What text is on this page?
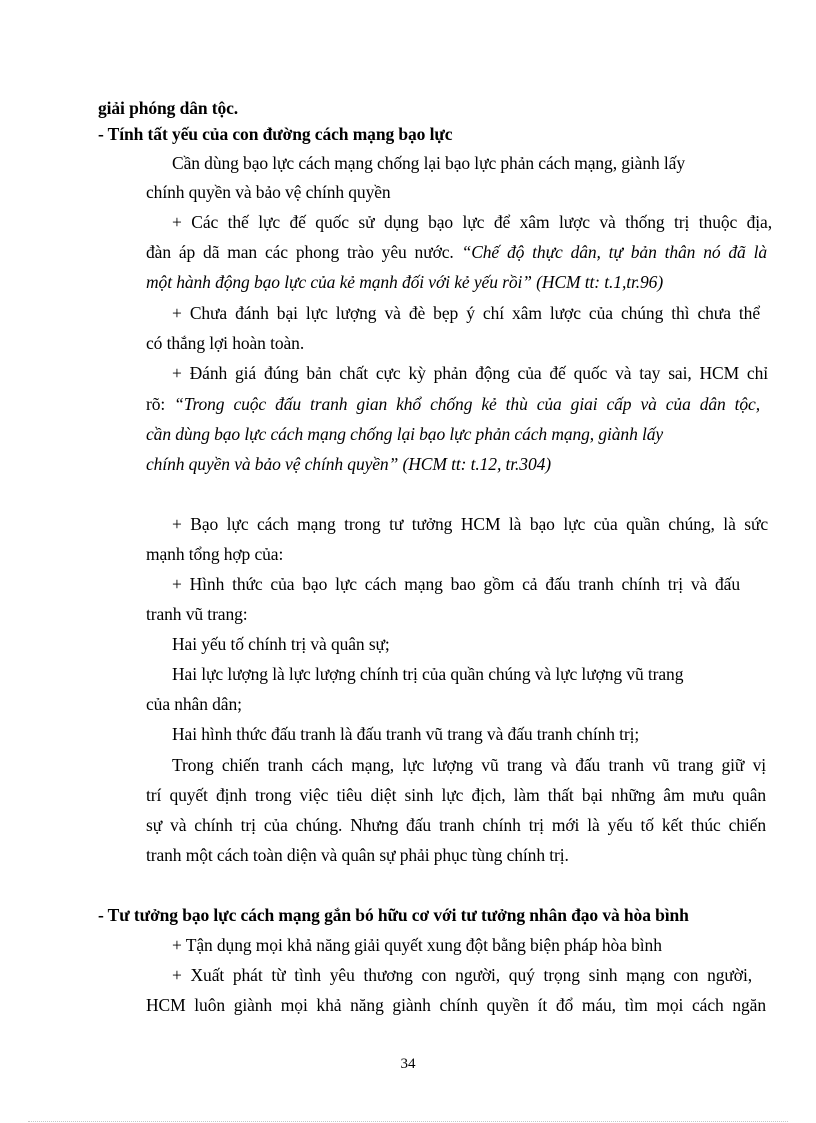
giải phóng dân tộc.
- Tính tất yếu của con đường cách mạng bạo lực
Cần dùng bạo lực cách mạng chống lại bạo lực phản cách mạng, giành lấy
chính quyền và bảo vệ chính quyền
+ Các thế lực đế quốc sử dụng bạo lực để xâm lược và thống trị thuộc địa,
đàn áp dã man các phong trào yêu nước. “Chế độ thực dân, tự bản thân nó đã là
một hành động bạo lực của kẻ mạnh đối với kẻ yếu rồi” (HCM tt: t.1,tr.96)
+ Chưa đánh bại lực lượng và đè bẹp ý chí xâm lược của chúng thì chưa thể
có thắng lợi hoàn toàn.
+ Đánh giá đúng bản chất cực kỳ phản động của đế quốc và tay sai, HCM chỉ
rõ: “Trong cuộc đấu tranh gian khổ chống kẻ thù của giai cấp và của dân tộc,
cần dùng bạo lực cách mạng chống lại bạo lực phản cách mạng, giành lấy
chính quyền và bảo vệ chính quyền” (HCM tt: t.12, tr.304)
+ Bạo lực cách mạng trong tư tưởng HCM là bạo lực của quần chúng, là sức
mạnh tổng hợp của:
+ Hình thức của bạo lực cách mạng bao gồm cả đấu tranh chính trị và đấu
tranh vũ trang:
Hai yếu tố chính trị và quân sự;
Hai lực lượng là lực lượng chính trị của quần chúng và lực lượng vũ trang
của nhân dân;
Hai hình thức đấu tranh là đấu tranh vũ trang và đấu tranh chính trị;
Trong chiến tranh cách mạng, lực lượng vũ trang và đấu tranh vũ trang giữ vị
trí quyết định trong việc tiêu diệt sinh lực địch, làm thất bại những âm mưu quân
sự và chính trị của chúng. Nhưng đấu tranh chính trị mới là yếu tố kết thúc chiến
tranh một cách toàn diện và quân sự phải phục tùng chính trị.
- Tư tưởng bạo lực cách mạng gắn bó hữu cơ với tư tưởng nhân đạo và hòa bình
+ Tận dụng mọi khả năng giải quyết xung đột bằng biện pháp hòa bình
+ Xuất phát từ tình yêu thương con người, quý trọng sinh mạng con người,
HCM luôn giành mọi khả năng giành chính quyền ít đổ máu, tìm mọi cách ngăn
34
